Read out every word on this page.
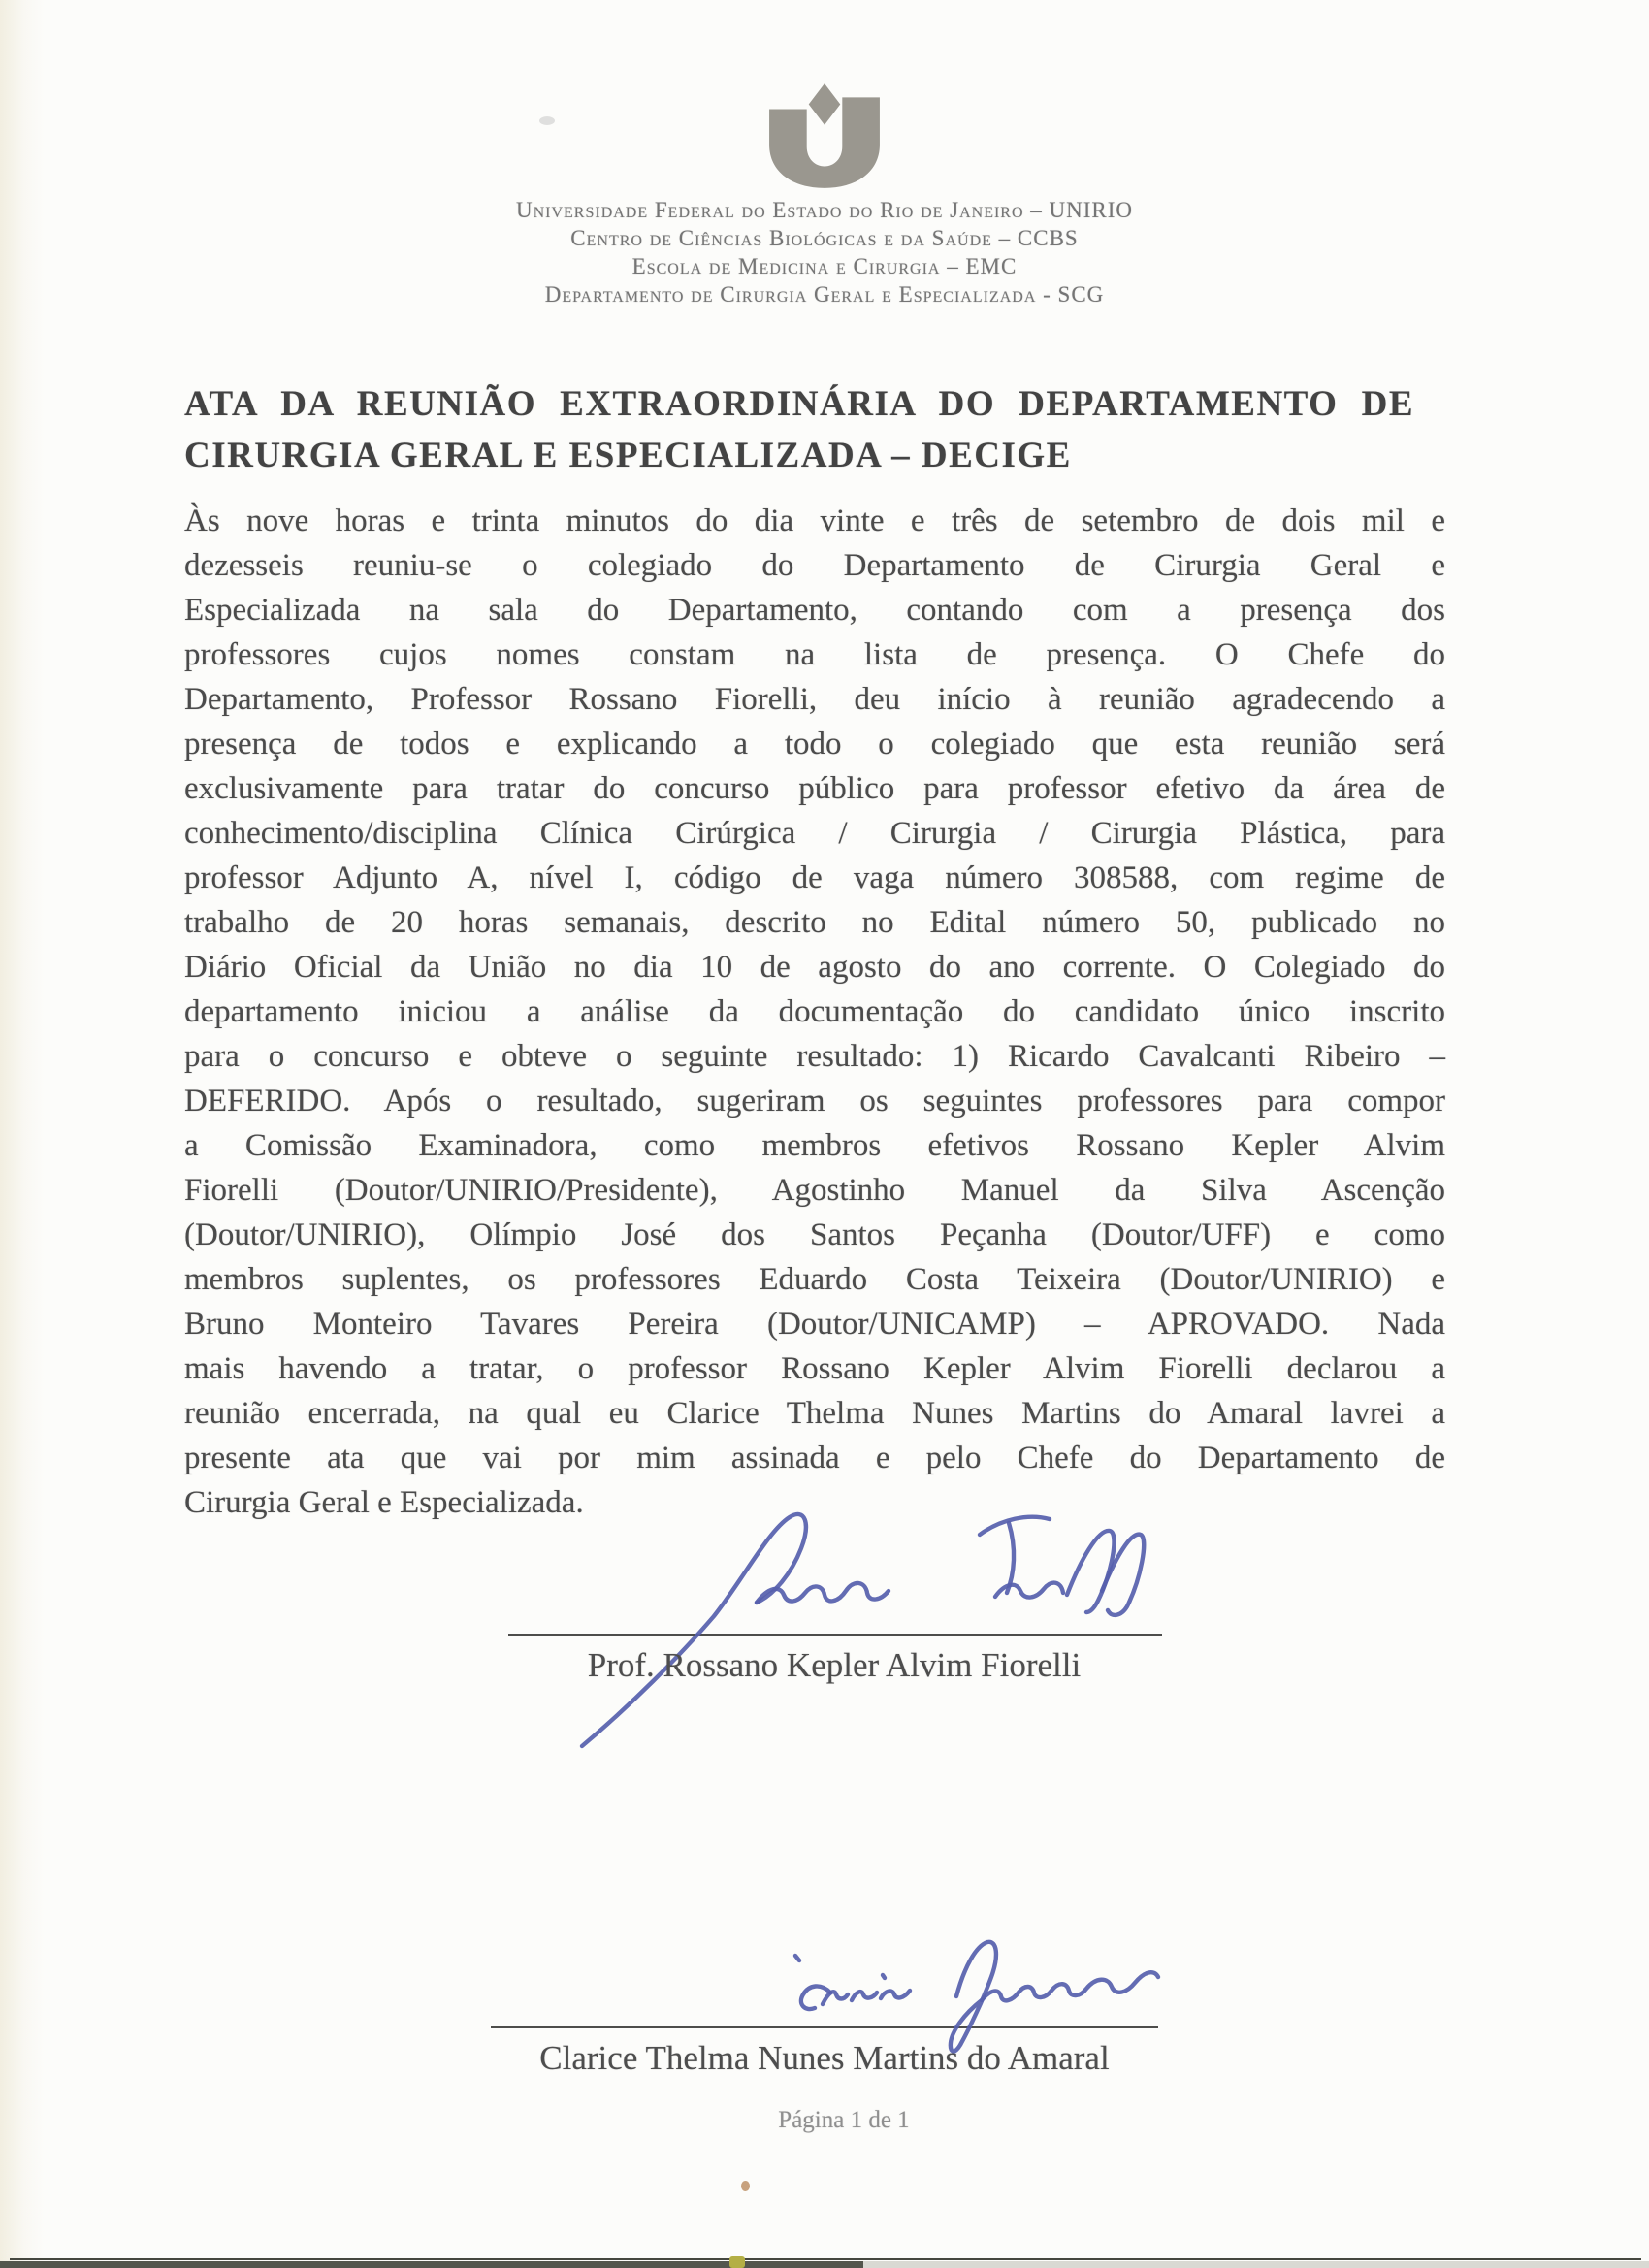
Universidade Federal do Estado do Rio de Janeiro – UNIRIO
Centro de Ciências Biológicas e da Saúde – CCBS
Escola de Medicina e Cirurgia – EMC
Departamento de Cirurgia Geral e Especializada - SCG
ATA DA REUNIÃO EXTRAORDINÁRIA DO DEPARTAMENTO DE
CIRURGIA GERAL E ESPECIALIZADA – DECIGE
Às nove horas e trinta minutos do dia vinte e três de setembro de dois mil e
dezesseis reuniu-se o colegiado do Departamento de Cirurgia Geral e
Especializada na sala do Departamento, contando com a presença dos
professores cujos nomes constam na lista de presença. O Chefe do
Departamento, Professor Rossano Fiorelli, deu início à reunião agradecendo a
presença de todos e explicando a todo o colegiado que esta reunião será
exclusivamente para tratar do concurso público para professor efetivo da área de
conhecimento/disciplina Clínica Cirúrgica / Cirurgia / Cirurgia Plástica, para
professor Adjunto A, nível I, código de vaga número 308588, com regime de
trabalho de 20 horas semanais, descrito no Edital número 50, publicado no
Diário Oficial da União no dia 10 de agosto do ano corrente. O Colegiado do
departamento iniciou a análise da documentação do candidato único inscrito
para o concurso e obteve o seguinte resultado: 1) Ricardo Cavalcanti Ribeiro –
DEFERIDO. Após o resultado, sugeriram os seguintes professores para compor
a Comissão Examinadora, como membros efetivos Rossano Kepler Alvim
Fiorelli (Doutor/UNIRIO/Presidente), Agostinho Manuel da Silva Ascenção
(Doutor/UNIRIO), Olímpio José dos Santos Peçanha (Doutor/UFF) e como
membros suplentes, os professores Eduardo Costa Teixeira (Doutor/UNIRIO) e
Bruno Monteiro Tavares Pereira (Doutor/UNICAMP) – APROVADO. Nada
mais havendo a tratar, o professor Rossano Kepler Alvim Fiorelli declarou a
reunião encerrada, na qual eu Clarice Thelma Nunes Martins do Amaral lavrei a
presente ata que vai por mim assinada e pelo Chefe do Departamento de
Cirurgia Geral e Especializada.
Prof. Rossano Kepler Alvim Fiorelli
Clarice Thelma Nunes Martins do Amaral
Página 1 de 1
